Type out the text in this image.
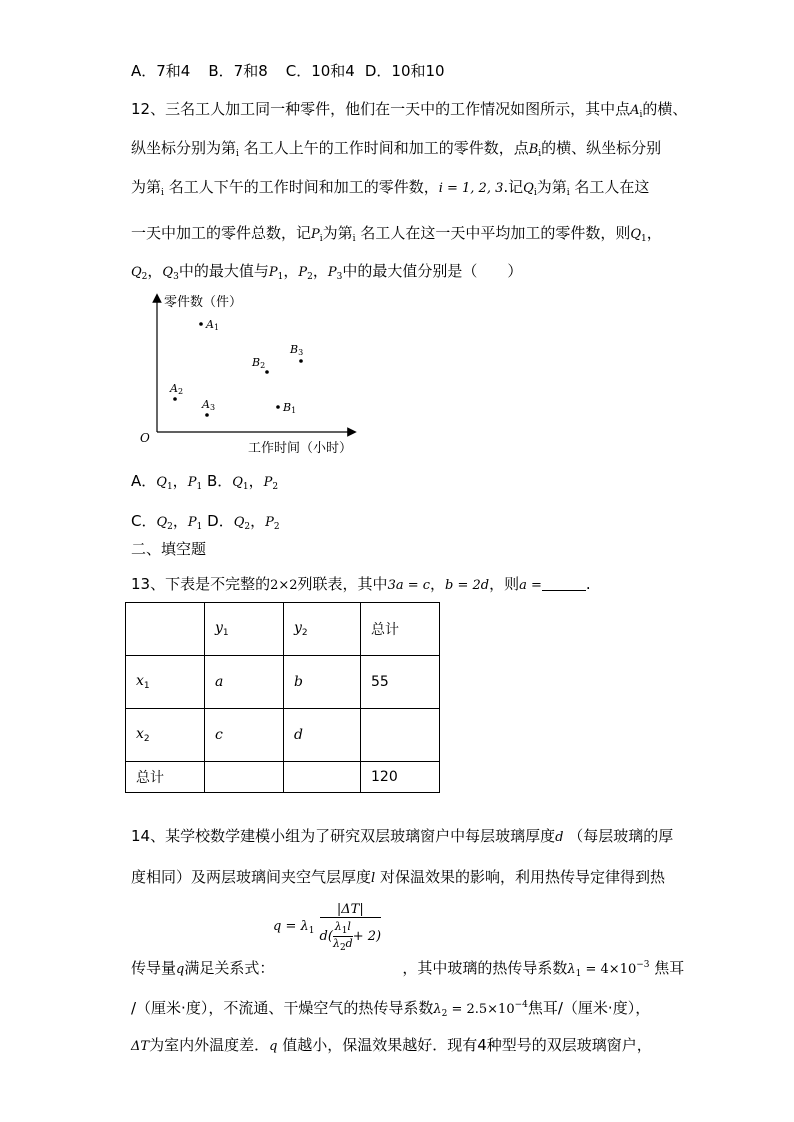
A．7和4 B．7和8 C．10和4 D．10和10
12、三名工人加工同一种零件，他们在一天中的工作情况如图所示，其中点$A_i$的横、
纵坐标分别为第$_i$ 名工人上午的工作时间和加工的零件数，点$B_i$的横、纵坐标分别
为第$_i$ 名工人下午的工作时间和加工的零件数，i = 1, 2, 3.记$Q_i$为第$_i$ 名工人在这
一天中加工的零件总数，记$P_i$为第$_i$ 名工人在这一天中平均加工的零件数，则$Q_1$，
$Q_2$，$Q_3$中的最大值与$P_1$，$P_2$，$P_3$中的最大值分别是（　　）
零件数（件）
工作时间（小时）
O
A1
B2
B3
A2
A3	B1
A．$Q_1$，$P_1$ B．$Q_1$，$P_2$
C．$Q_2$，$P_1$ D．$Q_2$，$P_2$
二、填空题
13、下表是不完整的2×2列联表，其中3a = c，b = 2d，则a =	.
	$y_1$	$y_2$	总计
$x_1$	a	b	55
$x_2$	c	d	
总计			120
14、某学校数学建模小组为了研究双层玻璃窗户中每层玻璃厚度d （每层玻璃的厚
度相同）及两层玻璃间夹空气层厚度l 对保温效果的影响，利用热传导定律得到热
$q = \lambda_1 \frac{|\Delta T|}{d( \frac{\lambda_1l}{\lambda_2d} + 2)}$
传导量q满足关系式：	，其中玻璃的热传导系数$\lambda_1 = 4\times 10^{-3}$ 焦耳
/（厘米·度），不流通、干燥空气的热传导系数$\lambda_2 = 2.5\times 10^{-4}$焦耳/（厘米·度），
ΔT为室内外温度差．q 值越小，保温效果越好．现有4种型号的双层玻璃窗户，
